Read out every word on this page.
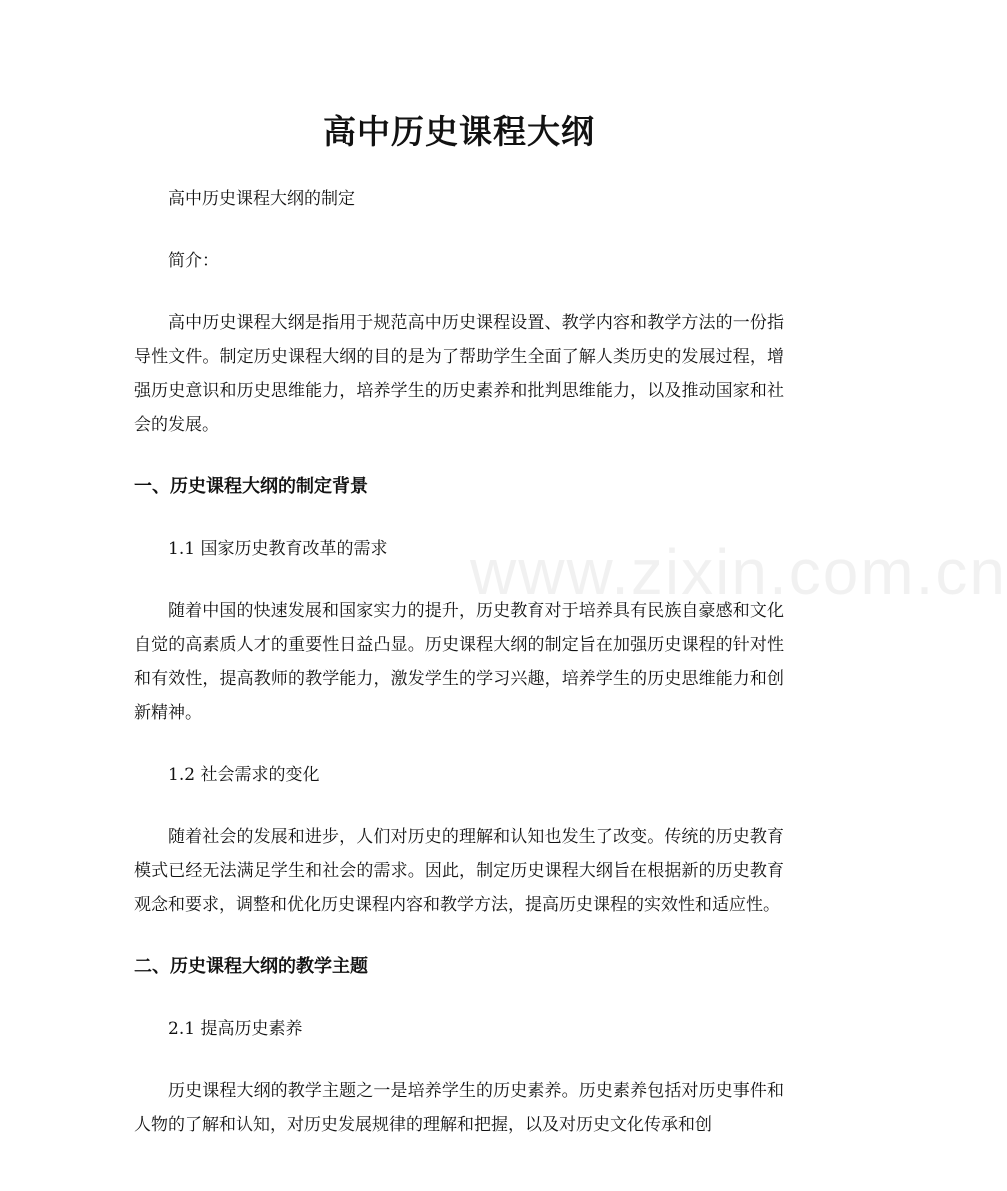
www.zixin.com.cn
高中历史课程大纲

高中历史课程大纲的制定

简介：

高中历史课程大纲是指用于规范高中历史课程设置、教学内容和教学方法的一份指导性文件。制定历史课程大纲的目的是为了帮助学生全面了解人类历史的发展过程，增强历史意识和历史思维能力，培养学生的历史素养和批判思维能力，以及推动国家和社会的发展。

一、历史课程大纲的制定背景

1.1 国家历史教育改革的需求

随着中国的快速发展和国家实力的提升，历史教育对于培养具有民族自豪感和文化自觉的高素质人才的重要性日益凸显。历史课程大纲的制定旨在加强历史课程的针对性和有效性，提高教师的教学能力，激发学生的学习兴趣，培养学生的历史思维能力和创新精神。

1.2 社会需求的变化

随着社会的发展和进步，人们对历史的理解和认知也发生了改变。传统的历史教育模式已经无法满足学生和社会的需求。因此，制定历史课程大纲旨在根据新的历史教育观念和要求，调整和优化历史课程内容和教学方法，提高历史课程的实效性和适应性。

二、历史课程大纲的教学主题

2.1 提高历史素养

历史课程大纲的教学主题之一是培养学生的历史素养。历史素养包括对历史事件和人物的了解和认知，对历史发展规律的理解和把握，以及对历史文化传承和创
